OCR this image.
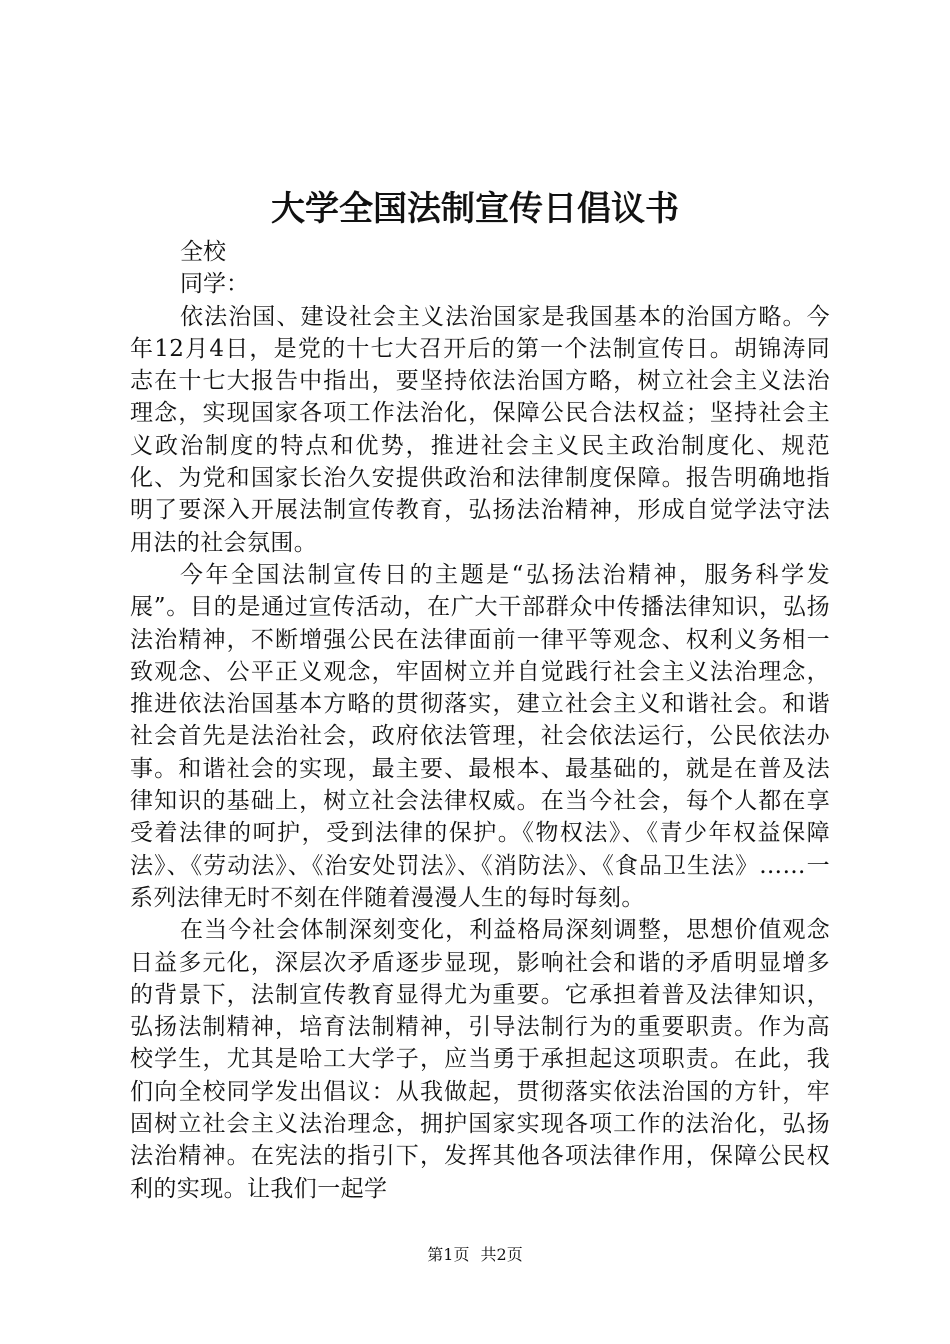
大学全国法制宣传日倡议书

全校

同学：

依法治国、建设社会主义法治国家是我国基本的治国方略。今年12月4日，是党的十七大召开后的第一个法制宣传日。胡锦涛同志在十七大报告中指出，要坚持依法治国方略，树立社会主义法治理念，实现国家各项工作法治化，保障公民合法权益；坚持社会主义政治制度的特点和优势，推进社会主义民主政治制度化、规范化、为党和国家长治久安提供政治和法律制度保障。报告明确地指明了要深入开展法制宣传教育，弘扬法治精神，形成自觉学法守法用法的社会氛围。

今年全国法制宣传日的主题是“弘扬法治精神，服务科学发展”。目的是通过宣传活动，在广大干部群众中传播法律知识，弘扬法治精神，不断增强公民在法律面前一律平等观念、权利义务相一致观念、公平正义观念，牢固树立并自觉践行社会主义法治理念，推进依法治国基本方略的贯彻落实，建立社会主义和谐社会。和谐社会首先是法治社会，政府依法管理，社会依法运行，公民依法办事。和谐社会的实现，最主要、最根本、最基础的，就是在普及法律知识的基础上，树立社会法律权威。在当今社会，每个人都在享受着法律的呵护，受到法律的保护。《物权法》、《青少年权益保障法》、《劳动法》、《治安处罚法》、《消防法》、《食品卫生法》……一系列法律无时不刻在伴随着漫漫人生的每时每刻。

在当今社会体制深刻变化，利益格局深刻调整，思想价值观念日益多元化，深层次矛盾逐步显现，影响社会和谐的矛盾明显增多的背景下，法制宣传教育显得尤为重要。它承担着普及法律知识，弘扬法制精神，培育法制精神，引导法制行为的重要职责。作为高校学生，尤其是哈工大学子，应当勇于承担起这项职责。在此，我们向全校同学发出倡议：从我做起，贯彻落实依法治国的方针，牢固树立社会主义法治理念，拥护国家实现各项工作的法治化，弘扬法治精神。在宪法的指引下，发挥其他各项法律作用，保障公民权利的实现。让我们一起学

第1页 共2页
